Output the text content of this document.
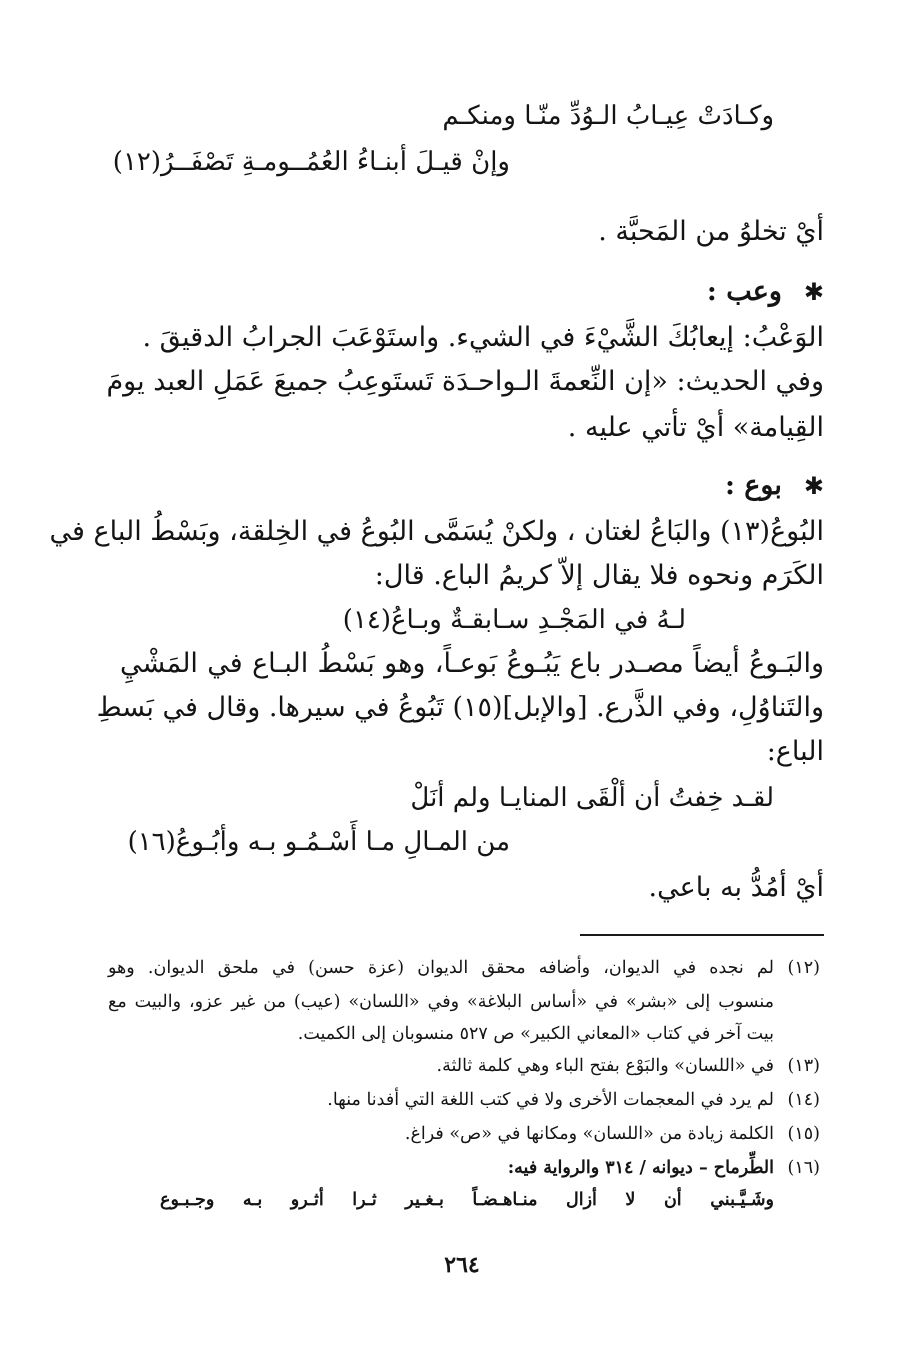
وكـادَتْ عِيـابُ الـوُدِّ منّـا ومنكـم
وإنْ قيـلَ أبنـاءُ العُمُــومـةِ تَصْفَــرُ(١٢)
أيْ تخلوُ من المَحبَّة .
✱وعب :
الوَعْبُ: إيعابُكَ الشَّيْءَ في الشيء. واستَوْعَبَ الجرابُ الدقيقَ .
وفي الحديث: «إن النِّعمةَ الـواحـدَة تَستَوعِبُ جميعَ عَمَلِ العبد يومَ
القِيامة» أيْ تأتي عليه .
✱بوع :
البُوعُ(١٣) والبَاعُ لغتان ، ولكنْ يُسَمَّى البُوعُ في الخِلقة، وبَسْطُ الباع في
الكَرَم ونحوه فلا يقال إلاّ كريمُ الباع. قال:
لـهُ في المَجْـدِ سـابقـةٌ وبـاعُ(١٤)
والبَـوعُ أيضاً مصـدر باع يَبُـوعُ بَوعـاً، وهو بَسْطُ البـاع في المَشْيِ
والتَناوُلِ، وفي الذَّرع. [والإبل](١٥) تَبُوعُ في سيرها. وقال في بَسطِ
الباع:
لقـد خِفتُ أن ألْقَى المنايـا ولم أنَلْ
من المـالِ مـا أَسْـمُـو بـه وأبُـوعُ(١٦)
أيْ أمُدُّ به باعي.
(١٢)
لم نجده في الديوان، وأضافه محقق الديوان (عزة حسن) في ملحق الديوان. وهو
منسوب إلى «بشر» في «أساس البلاغة» وفي «اللسان» (عيب) من غير عزو، والبيت مع
بيت آخر في كتاب «المعاني الكبير» ص ٥٢٧ منسوبان إلى الكميت.
(١٣)
في «اللسان» والبَوْع بفتح الباء وهي كلمة ثالثة.
(١٤)
لم يرد في المعجمات الأخرى ولا في كتب اللغة التي أفدنا منها.
(١٥)
الكلمة زيادة من «اللسان» ومكانها في «ص» فراغ.
(١٦)
الطِّرماح – ديوانه / ٣١٤ والرواية فيه:
وشَـيَّـبني أن لا أزال منـاهـضـاً بـغـير ثـرا أثـرو بـه وجـبـوع
٢٦٤
